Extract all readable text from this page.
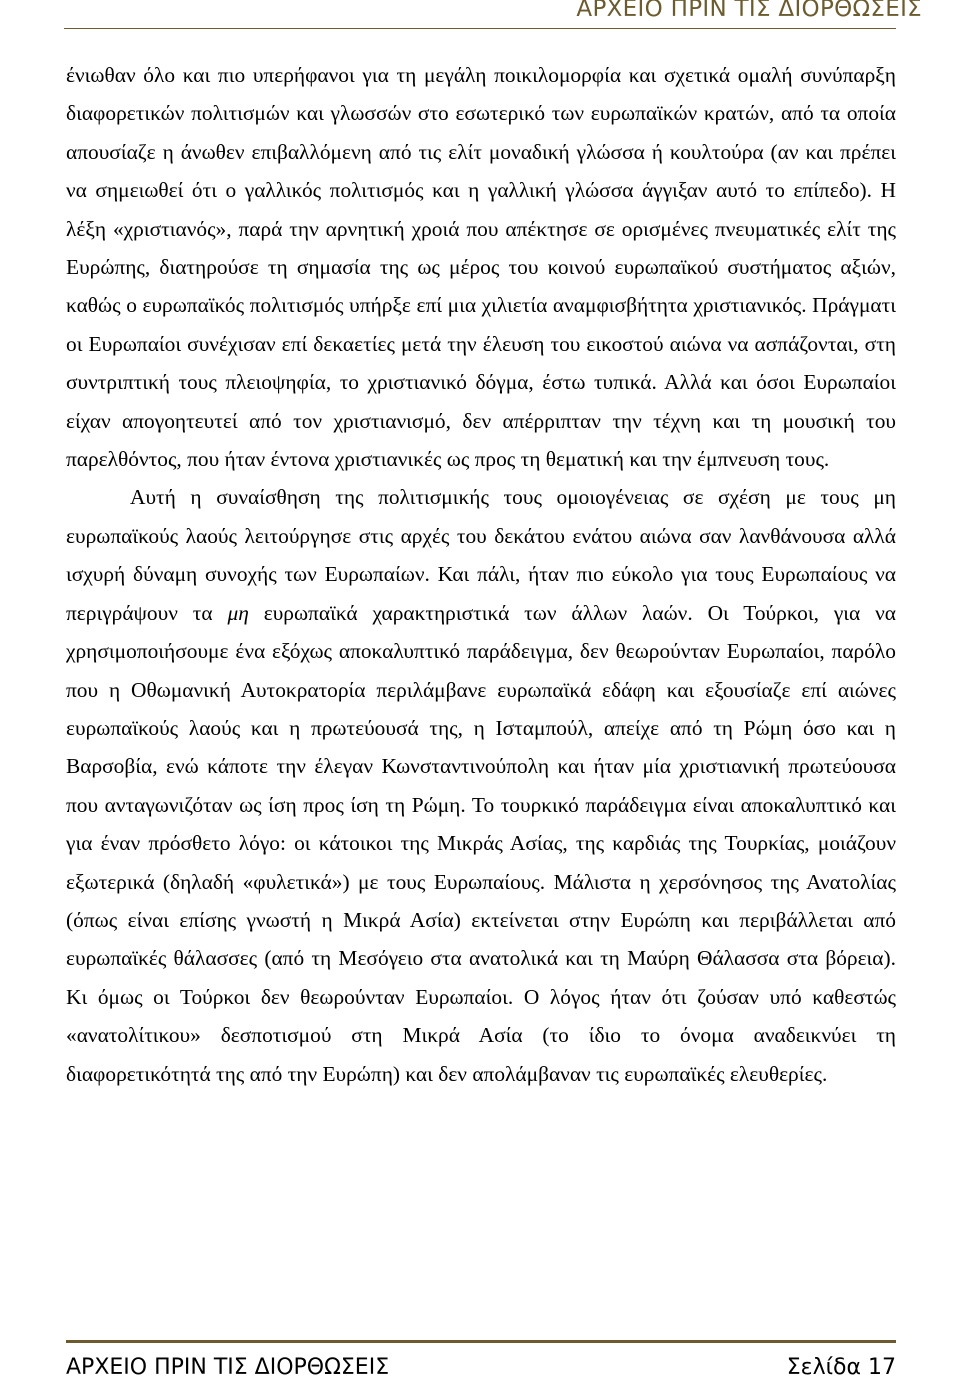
ΑΡΧΕΙΟ ΠΡΙΝ ΤΙΣ ΔΙΟΡΘΩΣΕΙΣ

ένιωθαν όλο και πιο υπερήφανοι για τη μεγάλη ποικιλομορφία και σχετικά ομαλή συνύπαρξη διαφορετικών πολιτισμών και γλωσσών στο εσωτερικό των ευρωπαϊκών κρατών, από τα οποία απουσίαζε η άνωθεν επιβαλλόμενη από τις ελίτ μοναδική γλώσσα ή κουλτούρα (αν και πρέπει να σημειωθεί ότι ο γαλλικός πολιτισμός και η γαλλική γλώσσα άγγιξαν αυτό το επίπεδο). Η λέξη «χριστιανός», παρά την αρνητική χροιά που απέκτησε σε ορισμένες πνευματικές ελίτ της Ευρώπης, διατηρούσε τη σημασία της ως μέρος του κοινού ευρωπαϊκού συστήματος αξιών, καθώς ο ευρωπαϊκός πολιτισμός υπήρξε επί μια χιλιετία αναμφισβήτητα χριστιανικός. Πράγματι οι Ευρωπαίοι συνέχισαν επί δεκαετίες μετά την έλευση του εικοστού αιώνα να ασπάζονται, στη συντριπτική τους πλειοψηφία, το χριστιανικό δόγμα, έστω τυπικά. Αλλά και όσοι Ευρωπαίοι είχαν απογοητευτεί από τον χριστιανισμό, δεν απέρριπταν την τέχνη και τη μουσική του παρελθόντος, που ήταν έντονα χριστιανικές ως προς τη θεματική και την έμπνευση τους.

Αυτή η συναίσθηση της πολιτισμικής τους ομοιογένειας σε σχέση με τους μη ευρωπαϊκούς λαούς λειτούργησε στις αρχές του δεκάτου ενάτου αιώνα σαν λανθάνουσα αλλά ισχυρή δύναμη συνοχής των Ευρωπαίων. Και πάλι, ήταν πιο εύκολο για τους Ευρωπαίους να περιγράψουν τα μη ευρωπαϊκά χαρακτηριστικά των άλλων λαών. Οι Τούρκοι, για να χρησιμοποιήσουμε ένα εξόχως αποκαλυπτικό παράδειγμα, δεν θεωρούνταν Ευρωπαίοι, παρόλο που η Οθωμανική Αυτοκρατορία περιλάμβανε ευρωπαϊκά εδάφη και εξουσίαζε επί αιώνες ευρωπαϊκούς λαούς και η πρωτεύουσά της, η Ισταμπούλ, απείχε από τη Ρώμη όσο και η Βαρσοβία, ενώ κάποτε την έλεγαν Κωνσταντινούπολη και ήταν μία χριστιανική πρωτεύουσα που ανταγωνιζόταν ως ίση προς ίση τη Ρώμη. Το τουρκικό παράδειγμα είναι αποκαλυπτικό και για έναν πρόσθετο λόγο: οι κάτοικοι της Μικράς Ασίας, της καρδιάς της Τουρκίας, μοιάζουν εξωτερικά (δηλαδή «φυλετικά») με τους Ευρωπαίους. Μάλιστα η χερσόνησος της Ανατολίας (όπως είναι επίσης γνωστή η Μικρά Ασία) εκτείνεται στην Ευρώπη και περιβάλλεται από ευρωπαϊκές θάλασσες (από τη Μεσόγειο στα ανατολικά και τη Μαύρη Θάλασσα στα βόρεια). Κι όμως οι Τούρκοι δεν θεωρούνταν Ευρωπαίοι. Ο λόγος ήταν ότι ζούσαν υπό καθεστώς «ανατολίτικου» δεσποτισμού στη Μικρά Ασία (το ίδιο το όνομα αναδεικνύει τη διαφορετικότητά της από την Ευρώπη) και δεν απολάμβαναν τις ευρωπαϊκές ελευθερίες.

ΑΡΧΕΙΟ ΠΡΙΝ ΤΙΣ ΔΙΟΡΘΩΣΕΙΣ	Σελίδα 17
